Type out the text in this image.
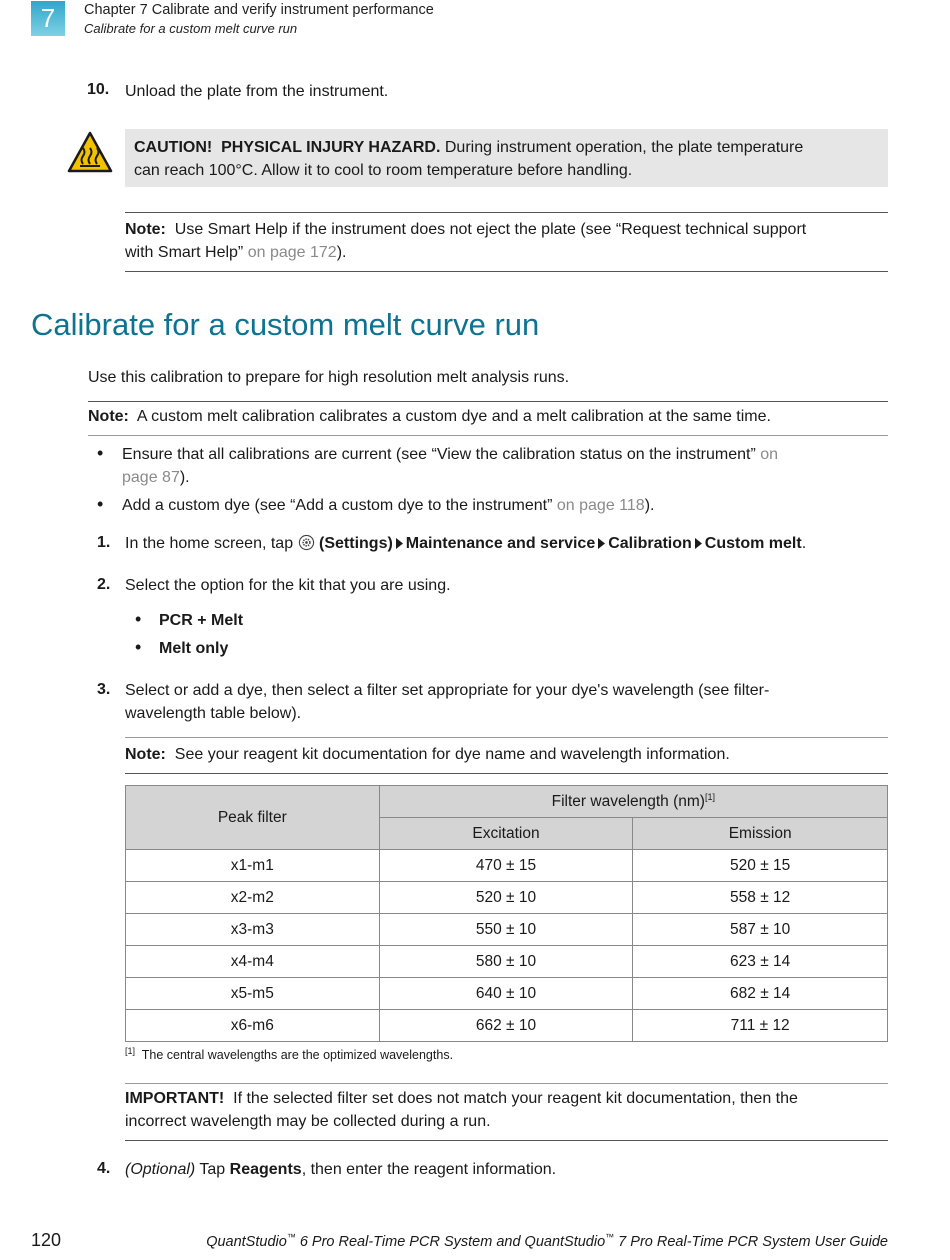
7	Chapter 7 Calibrate and verify instrument performance
Calibrate for a custom melt curve run
10. Unload the plate from the instrument.
CAUTION! PHYSICAL INJURY HAZARD. During instrument operation, the plate temperature
can reach 100°C. Allow it to cool to room temperature before handling.
Note: Use Smart Help if the instrument does not eject the plate (see “Request technical support
with Smart Help” on page 172).
Calibrate for a custom melt curve run
Use this calibration to prepare for high resolution melt analysis runs.
Note: A custom melt calibration calibrates a custom dye and a melt calibration at the same time.
• Ensure that all calibrations are current (see “View the calibration status on the instrument” on
page 87).
• Add a custom dye (see “Add a custom dye to the instrument” on page 118).
1. In the home screen, tap (Settings) Maintenance and service Calibration Custom melt.
2. Select the option for the kit that you are using.
• PCR + Melt
• Melt only
3. Select or add a dye, then select a filter set appropriate for your dye's wavelength (see filter-
wavelength table below).
Note: See your reagent kit documentation for dye name and wavelength information.
Peak filter	Filter wavelength (nm)[1]
	Excitation	Emission
x1-m1	470 ± 15	520 ± 15
x2-m2	520 ± 10	558 ± 12
x3-m3	550 ± 10	587 ± 10
x4-m4	580 ± 10	623 ± 14
x5-m5	640 ± 10	682 ± 14
x6-m6	662 ± 10	711 ± 12
[1] The central wavelengths are the optimized wavelengths.
IMPORTANT! If the selected filter set does not match your reagent kit documentation, then the
incorrect wavelength may be collected during a run.
4. (Optional) Tap Reagents, then enter the reagent information.
120	QuantStudio™ 6 Pro Real-Time PCR System and QuantStudio™ 7 Pro Real-Time PCR System User Guide
